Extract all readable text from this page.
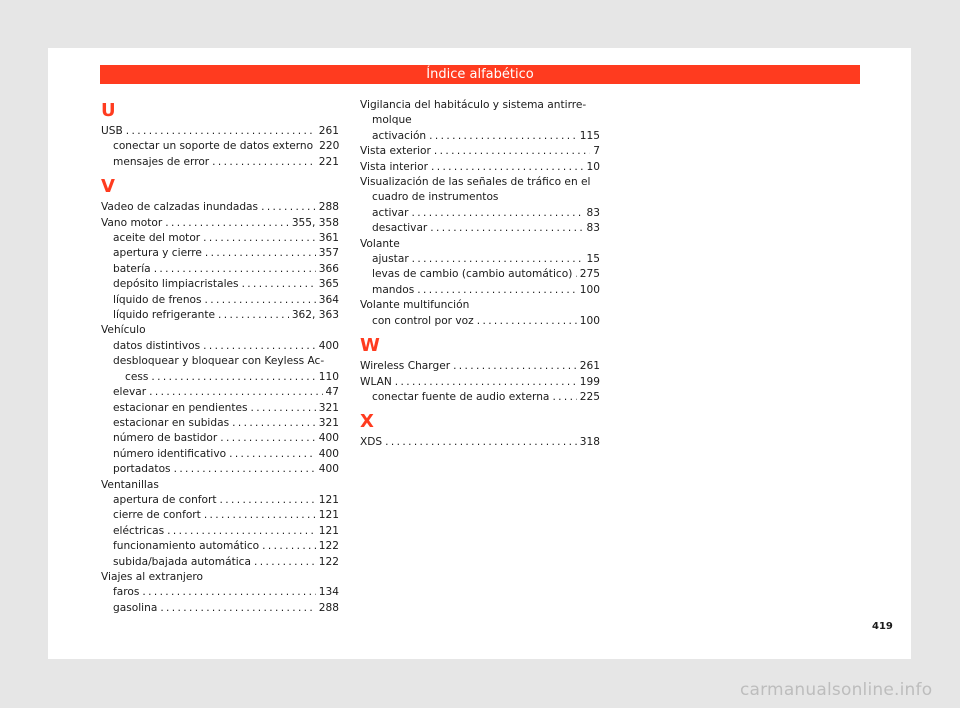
Índice alfabético
U
USB . . .	261
conectar un soporte de datos externo 220
mensajes de error . . .	221
V
Vadeo de calzadas inundadas . . .	288
Vano motor . . .	355, 358
aceite del motor . . .	361
apertura y cierre . . .	357
batería . . .	366
depósito limpiacristales . . .	365
líquido de frenos . . .	364
líquido refrigerante . . .	362, 363
Vehículo
datos distintivos . . .	400
desbloquear y bloquear con Keyless Ac-
cess . . .	110
elevar . . .	47
estacionar en pendientes . . .	321
estacionar en subidas . . .	321
número de bastidor . . .	400
número identificativo . . .	400
portadatos . . .	400
Ventanillas
apertura de confort . . .	121
cierre de confort . . .	121
eléctricas . . .	121
funcionamiento automático . . .	122
subida/bajada automática . . .	122
Viajes al extranjero
faros . . .	134
gasolina . . .	288
Vigilancia del habitáculo y sistema antirre-
molque
activación . . .	115
Vista exterior . . .	7
Vista interior . . .	10
Visualización de las señales de tráfico en el
cuadro de instrumentos
activar . . .	83
desactivar . . .	83
Volante
ajustar . . .	15
levas de cambio (cambio automático) . . . 275
mandos . . .	100
Volante multifunción
con control por voz . . .	100
W
Wireless Charger . . .	261
WLAN . . .	199
conectar fuente de audio externa . . .	225
X
XDS . . .	318
419
carmanualsonline.info
